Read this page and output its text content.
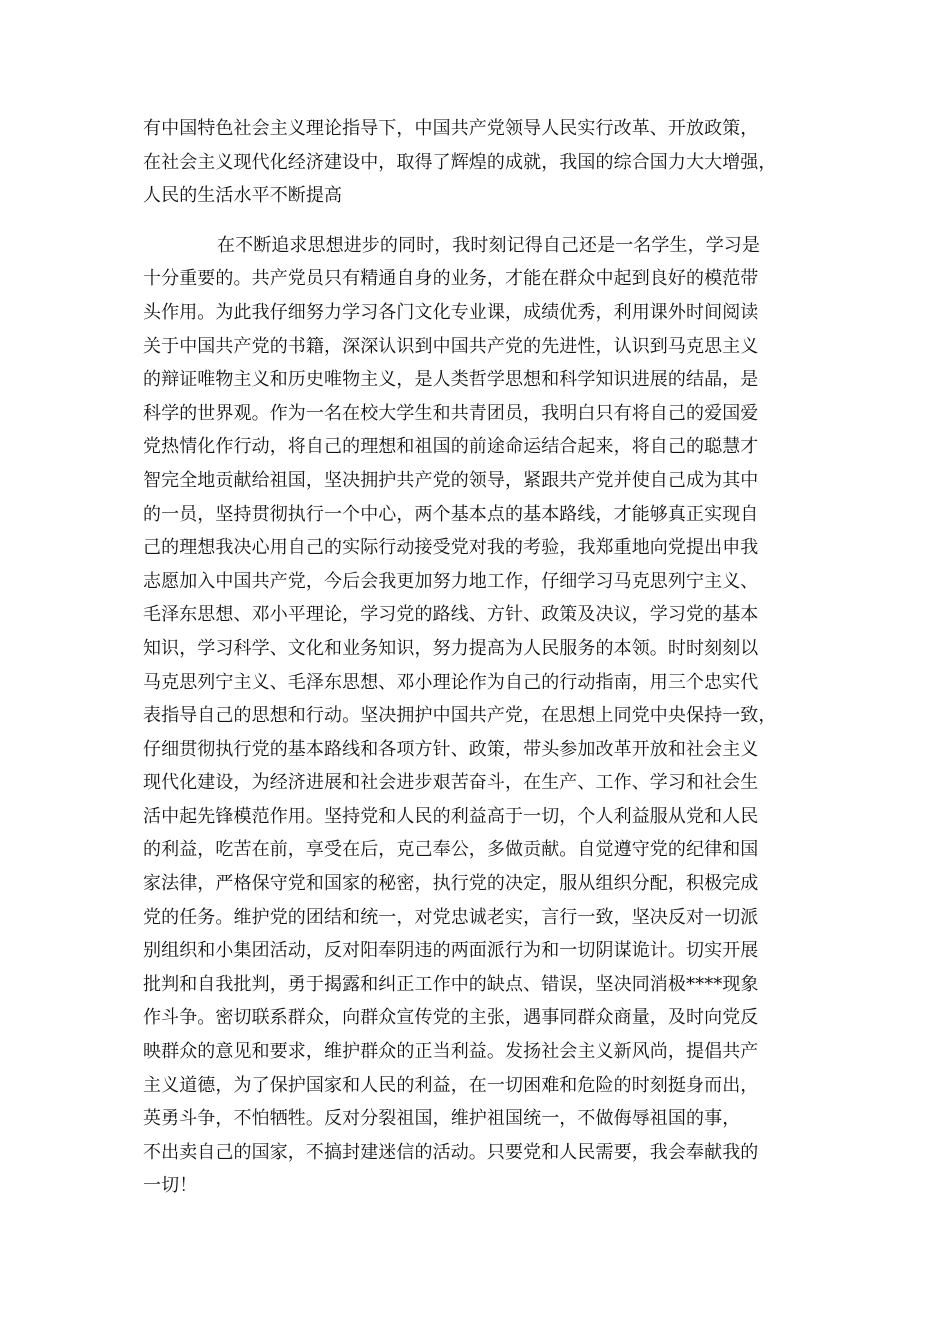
有中国特色社会主义理论指导下，中国共产党领导人民实行改革、开放政策，
在社会主义现代化经济建设中，取得了辉煌的成就，我国的综合国力大大增强，
人民的生活水平不断提高
在不断追求思想进步的同时，我时刻记得自己还是一名学生，学习是
十分重要的。共产党员只有精通自身的业务，才能在群众中起到良好的模范带
头作用。为此我仔细努力学习各门文化专业课，成绩优秀，利用课外时间阅读
关于中国共产党的书籍，深深认识到中国共产党的先进性，认识到马克思主义
的辩证唯物主义和历史唯物主义，是人类哲学思想和科学知识进展的结晶，是
科学的世界观。作为一名在校大学生和共青团员，我明白只有将自己的爱国爱
党热情化作行动，将自己的理想和祖国的前途命运结合起来，将自己的聪慧才
智完全地贡献给祖国，坚决拥护共产党的领导，紧跟共产党并使自己成为其中
的一员，坚持贯彻执行一个中心，两个基本点的基本路线，才能够真正实现自
己的理想我决心用自己的实际行动接受党对我的考验，我郑重地向党提出申我
志愿加入中国共产党，今后会我更加努力地工作，仔细学习马克思列宁主义、
毛泽东思想、邓小平理论，学习党的路线、方针、政策及决议，学习党的基本
知识，学习科学、文化和业务知识，努力提高为人民服务的本领。时时刻刻以
马克思列宁主义、毛泽东思想、邓小理论作为自己的行动指南，用三个忠实代
表指导自己的思想和行动。坚决拥护中国共产党，在思想上同党中央保持一致，
仔细贯彻执行党的基本路线和各项方针、政策，带头参加改革开放和社会主义
现代化建设，为经济进展和社会进步艰苦奋斗，在生产、工作、学习和社会生
活中起先锋模范作用。坚持党和人民的利益高于一切，个人利益服从党和人民
的利益，吃苦在前，享受在后，克己奉公，多做贡献。自觉遵守党的纪律和国
家法律，严格保守党和国家的秘密，执行党的决定，服从组织分配，积极完成
党的任务。维护党的团结和统一，对党忠诚老实，言行一致，坚决反对一切派
别组织和小集团活动，反对阳奉阴违的两面派行为和一切阴谋诡计。切实开展
批判和自我批判，勇于揭露和纠正工作中的缺点、错误，坚决同消极****现象
作斗争。密切联系群众，向群众宣传党的主张，遇事同群众商量，及时向党反
映群众的意见和要求，维护群众的正当利益。发扬社会主义新风尚，提倡共产
主义道德，为了保护国家和人民的利益，在一切困难和危险的时刻挺身而出，
英勇斗争，不怕牺牲。反对分裂祖国，维护祖国统一，不做侮辱祖国的事，
不出卖自己的国家，不搞封建迷信的活动。只要党和人民需要，我会奉献我的
一切！
